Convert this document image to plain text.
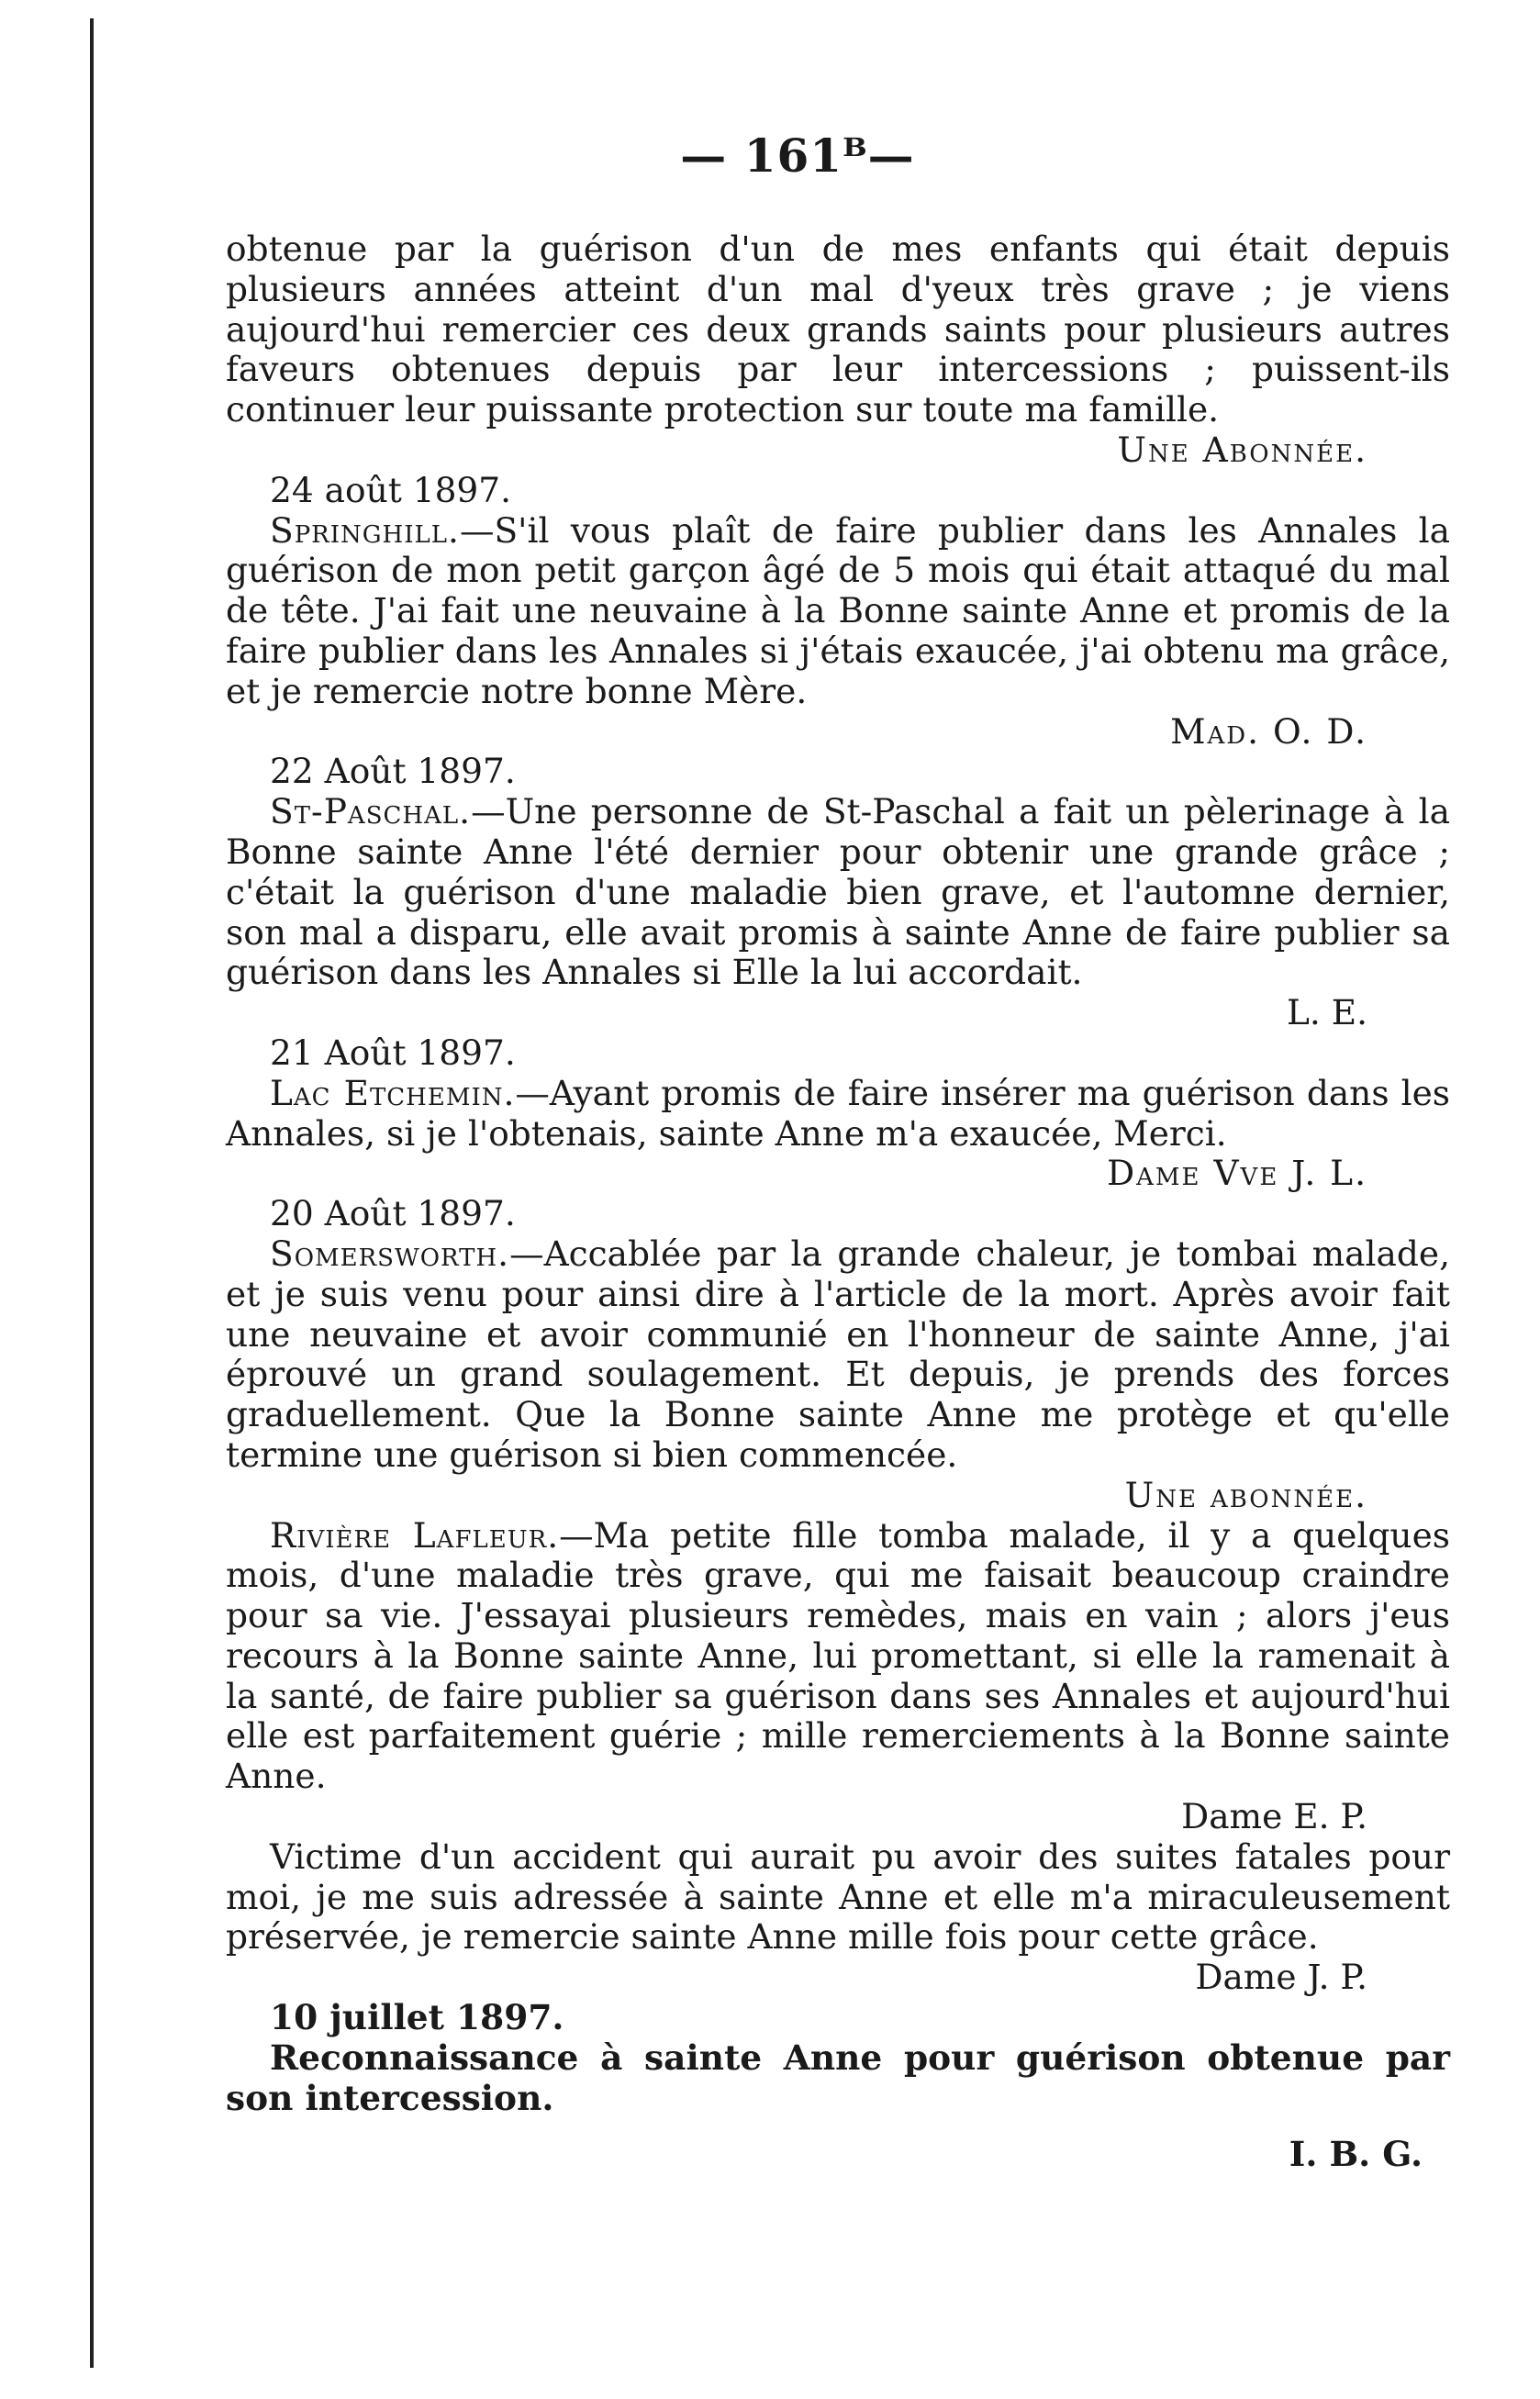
— 161ᴮ—

obtenue par la guérison d'un de mes enfants qui était depuis plusieurs années atteint d'un mal d'yeux très grave ; je viens aujourd'hui remercier ces deux grands saints pour plusieurs autres faveurs obtenues depuis par leur intercessions ; puissent-ils continuer leur puissante protection sur toute ma famille.

Une Abonnée.

24 août 1897.

Springhill.—S'il vous plaît de faire publier dans les Annales la guérison de mon petit garçon âgé de 5 mois qui était attaqué du mal de tête. J'ai fait une neuvaine à la Bonne sainte Anne et promis de la faire publier dans les Annales si j'étais exaucée, j'ai obtenu ma grâce, et je remercie notre bonne Mère.

Mad. O. D.

22 Août 1897.

St-Paschal.—Une personne de St-Paschal a fait un pèlerinage à la Bonne sainte Anne l'été dernier pour obtenir une grande grâce ; c'était la guérison d'une maladie bien grave, et l'automne dernier, son mal a disparu, elle avait promis à sainte Anne de faire publier sa guérison dans les Annales si Elle la lui accordait.

L. E.

21 Août 1897.

Lac Etchemin.—Ayant promis de faire insérer ma guérison dans les Annales, si je l'obtenais, sainte Anne m'a exaucée, Merci.

Dame Vve J. L.

20 Août 1897.

Somersworth.—Accablée par la grande chaleur, je tombai malade, et je suis venu pour ainsi dire à l'article de la mort. Après avoir fait une neuvaine et avoir communié en l'honneur de sainte Anne, j'ai éprouvé un grand soulagement. Et depuis, je prends des forces graduellement. Que la Bonne sainte Anne me protège et qu'elle termine une guérison si bien commencée.

Une abonnée.

Rivière Lafleur.—Ma petite fille tomba malade, il y a quelques mois, d'une maladie très grave, qui me faisait beaucoup craindre pour sa vie. J'essayai plusieurs remèdes, mais en vain ; alors j'eus recours à la Bonne sainte Anne, lui promettant, si elle la ramenait à la santé, de faire publier sa guérison dans ses Annales et aujourd'hui elle est parfaitement guérie ; mille remerciements à la Bonne sainte Anne.

Dame E. P.

Victime d'un accident qui aurait pu avoir des suites fatales pour moi, je me suis adressée à sainte Anne et elle m'a miraculeusement préservée, je remercie sainte Anne mille fois pour cette grâce.

Dame J. P.

10 juillet 1897.

Reconnaissance à sainte Anne pour guérison obtenue par son intercession.

I. B. G.
